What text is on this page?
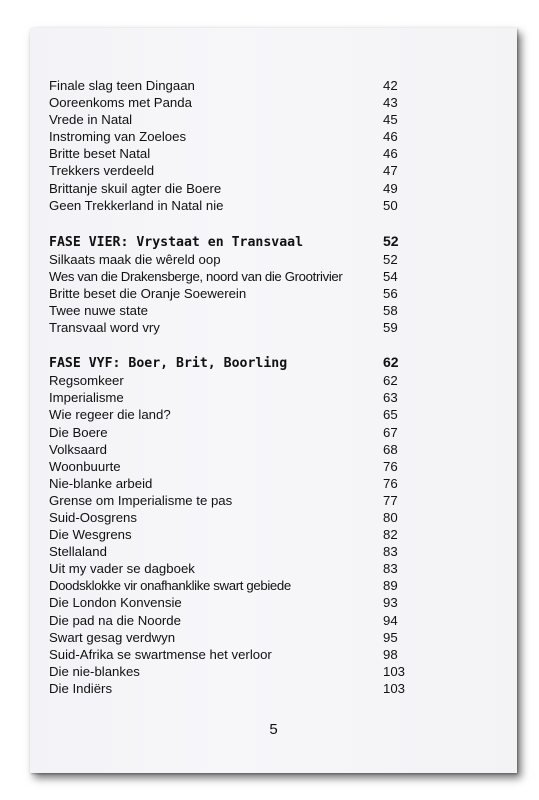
Finale slag teen Dingaan	42
Ooreenkoms met Panda	43
Vrede in Natal	45
Instroming van Zoeloes	46
Britte beset Natal	46
Trekkers verdeeld	47
Brittanje skuil agter die Boere	49
Geen Trekkerland in Natal nie	50
FASE VIER: Vrystaat en Transvaal	52
Silkaats maak die wêreld oop	52
Wes van die Drakensberge, noord van die Grootrivier	54
Britte beset die Oranje Soewerein	56
Twee nuwe state	58
Transvaal word vry	59
FASE VYF: Boer, Brit, Boorling	62
Regsomkeer	62
Imperialisme	63
Wie regeer die land?	65
Die Boere	67
Volksaard	68
Woonbuurte	76
Nie-blanke arbeid	76
Grense om Imperialisme te pas	77
Suid-Oosgrens	80
Die Wesgrens	82
Stellaland	83
Uit my vader se dagboek	83
Doodsklokke vir onafhanklike swart gebiede	89
Die London Konvensie	93
Die pad na die Noorde	94
Swart gesag verdwyn	95
Suid-Afrika se swartmense het verloor	98
Die nie-blankes	103
Die Indiërs	103
5
